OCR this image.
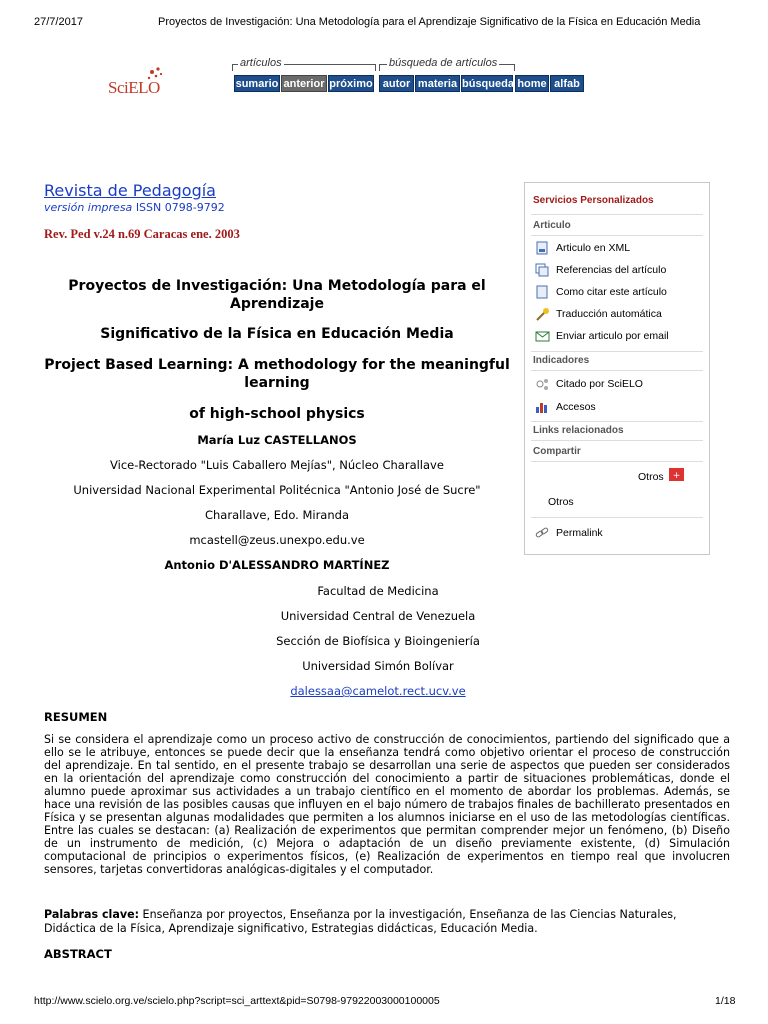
27/7/2017	Proyectos de Investigación: Una Metodología para el Aprendizaje Significativo de la Física en Educación Media
SciELO
artículos
sumario anterior próximo
búsqueda de artículos
autor materia búsqueda home alfab
Revista de Pedagogía
versión impresa ISSN 0798-9792
Rev. Ped v.24 n.69 Caracas ene. 2003
Proyectos de Investigación: Una Metodología para el Aprendizaje
Significativo de la Física en Educación Media
Project Based Learning: A methodology for the meaningful learning
of high-school physics
María Luz CASTELLANOS
Vice-Rectorado "Luis Caballero Mejías", Núcleo Charallave
Universidad Nacional Experimental Politécnica "Antonio José de Sucre"
Charallave, Edo. Miranda
mcastell@zeus.unexpo.edu.ve
Antonio D'ALESSANDRO MARTÍNEZ
Facultad de Medicina
Universidad Central de Venezuela
Sección de Biofísica y Bioingeniería
Universidad Simón Bolívar
dalessaa@camelot.rect.ucv.ve
RESUMEN
Si se considera el aprendizaje como un proceso activo de construcción de conocimientos, partiendo del significado que a ello se le atribuye, entonces se puede decir que la enseñanza tendrá como objetivo orientar el proceso de construcción del aprendizaje. En tal sentido, en el presente trabajo se desarrollan una serie de aspectos que pueden ser considerados en la orientación del aprendizaje como construcción del conocimiento a partir de situaciones problemáticas, donde el alumno puede aproximar sus actividades a un trabajo científico en el momento de abordar los problemas. Además, se hace una revisión de las posibles causas que influyen en el bajo número de trabajos finales de bachillerato presentados en Física y se presentan algunas modalidades que permiten a los alumnos iniciarse en el uso de las metodologías científicas. Entre las cuales se destacan: (a) Realización de experimentos que permitan comprender mejor un fenómeno, (b) Diseño de un instrumento de medición, (c) Mejora o adaptación de un diseño previamente existente, (d) Simulación computacional de principios o experimentos físicos, (e) Realización de experimentos en tiempo real que involucren sensores, tarjetas convertidoras analógicas-digitales y el computador.
Palabras clave: Enseñanza por proyectos, Enseñanza por la investigación, Enseñanza de las Ciencias Naturales, Didáctica de la Física, Aprendizaje significativo, Estrategias didácticas, Educación Media.
ABSTRACT
Servicios Personalizados
Articulo
Articulo en XML
Referencias del artículo
Como citar este artículo
Traducción automática
Enviar articulo por email
Indicadores
Citado por SciELO
Accesos
Links relacionados
Compartir
Otros +
Otros
Permalink
http://www.scielo.org.ve/scielo.php?script=sci_arttext&pid=S0798-97922003000100005	1/18
